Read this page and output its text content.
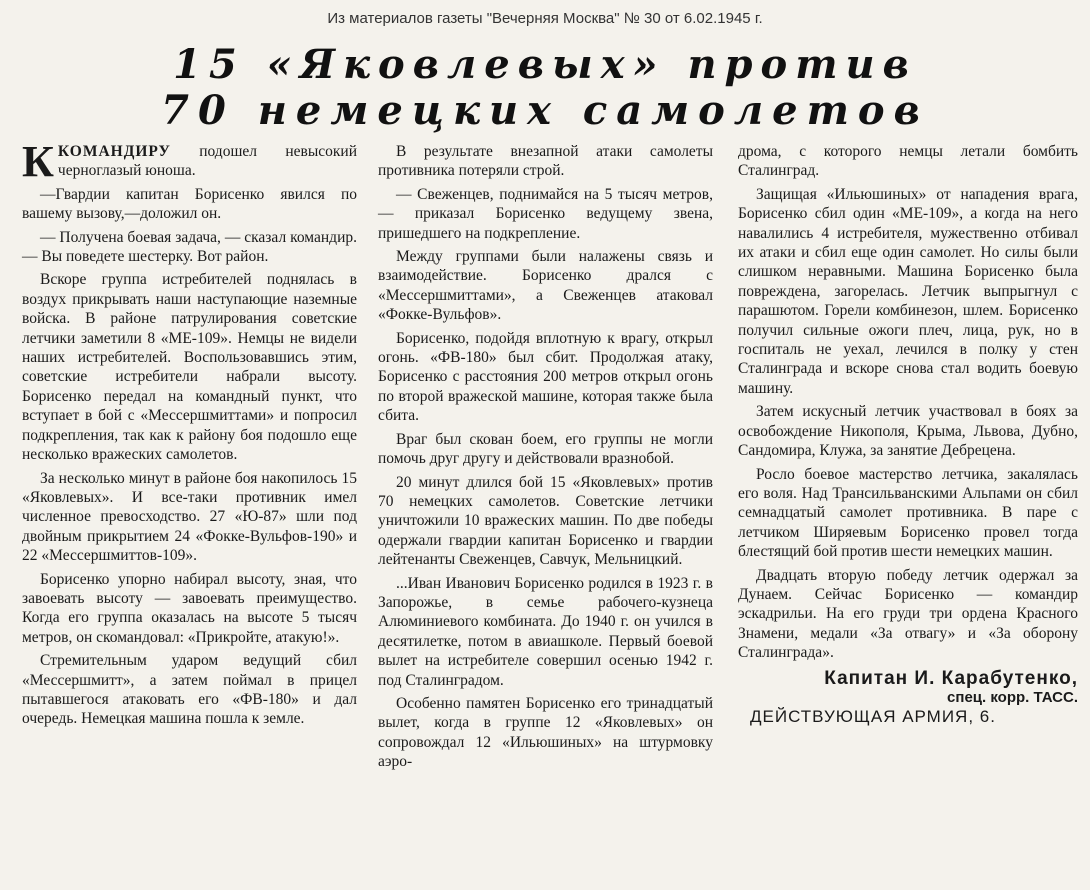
Из материалов газеты "Вечерняя Москва" № 30 от 6.02.1945 г.
15 «Яковлевых» против
70 немецких самолетов

ККОМАНДИРУ подошел невысокий черноглазый юноша.

—Гвардии капитан Борисенко явился по вашему вызову,—доложил он.

— Получена боевая задача, — сказал командир. — Вы поведете шестерку. Вот район.

Вскоре группа истребителей поднялась в воздух прикрывать наши наступающие наземные войска. В районе патрулирования советские летчики заметили 8 «МЕ-109». Немцы не видели наших истребителей. Воспользовавшись этим, советские истребители набрали высоту. Борисенко передал на командный пункт, что вступает в бой с «Мессершмиттами» и попросил подкрепления, так как к району боя подошло еще несколько вражеских самолетов.

За несколько минут в районе боя накопилось 15 «Яковлевых». И все-таки противник имел численное превосходство. 27 «Ю-87» шли под двойным прикрытием 24 «Фокке-Вульфов-190» и 22 «Мессершмиттов-109».

Борисенко упорно набирал высоту, зная, что завоевать высоту — завоевать преимущество. Когда его группа оказалась на высоте 5 тысяч метров, он скомандовал: «Прикройте, атакую!».

Стремительным ударом ведущий сбил «Мессершмитт», а затем поймал в прицел пытавшегося атаковать его «ФВ-180» и дал очередь. Немецкая машина пошла к земле.

В результате внезапной атаки самолеты противника потеряли строй.

— Свеженцев, поднимайся на 5 тысяч метров, — приказал Борисенко ведущему звена, пришедшего на подкрепление.

Между группами были налажены связь и взаимодействие. Борисенко дрался с «Мессершмиттами», а Свеженцев атаковал «Фокке-Вульфов».

Борисенко, подойдя вплотную к врагу, открыл огонь. «ФВ-180» был сбит. Продолжая атаку, Борисенко с расстояния 200 метров открыл огонь по второй вражеской машине, которая также была сбита.

Враг был скован боем, его группы не могли помочь друг другу и действовали вразнобой.

20 минут длился бой 15 «Яковлевых» против 70 немецких самолетов. Советские летчики уничтожили 10 вражеских машин. По две победы одержали гвардии капитан Борисенко и гвардии лейтенанты Свеженцев, Савчук, Мельницкий.

...Иван Иванович Борисенко родился в 1923 г. в Запорожье, в семье рабочего-кузнеца Алюминиевого комбината. До 1940 г. он учился в десятилетке, потом в авиашколе. Первый боевой вылет на истребителе совершил осенью 1942 г. под Сталинградом.

Особенно памятен Борисенко его тринадцатый вылет, когда в группе 12 «Яковлевых» он сопровождал 12 «Ильюшиных» на штурмовку аэро-

дрома, с которого немцы летали бомбить Сталинград.

Защищая «Ильюшиных» от нападения врага, Борисенко сбил один «МЕ-109», а когда на него навалились 4 истребителя, мужественно отбивал их атаки и сбил еще один самолет. Но силы были слишком неравными. Машина Борисенко была повреждена, загорелась. Летчик выпрыгнул с парашютом. Горели комбинезон, шлем. Борисенко получил сильные ожоги плеч, лица, рук, но в госпиталь не уехал, лечился в полку у стен Сталинграда и вскоре снова стал водить боевую машину.

Затем искусный летчик участвовал в боях за освобождение Никополя, Крыма, Львова, Дубно, Сандомира, Клужа, за занятие Дебрецена.

Росло боевое мастерство летчика, закалялась его воля. Над Трансильванскими Альпами он сбил семнадцатый самолет противника. В паре с летчиком Ширяевым Борисенко провел тогда блестящий бой против шести немецких машин.

Двадцать вторую победу летчик одержал за Дунаем. Сейчас Борисенко — командир эскадрильи. На его груди три ордена Красного Знамени, медали «За отвагу» и «За оборону Сталинграда».

Капитан И. Карабутенко,
спец. корр. ТАСС.
ДЕЙСТВУЮЩАЯ АРМИЯ, 6.
